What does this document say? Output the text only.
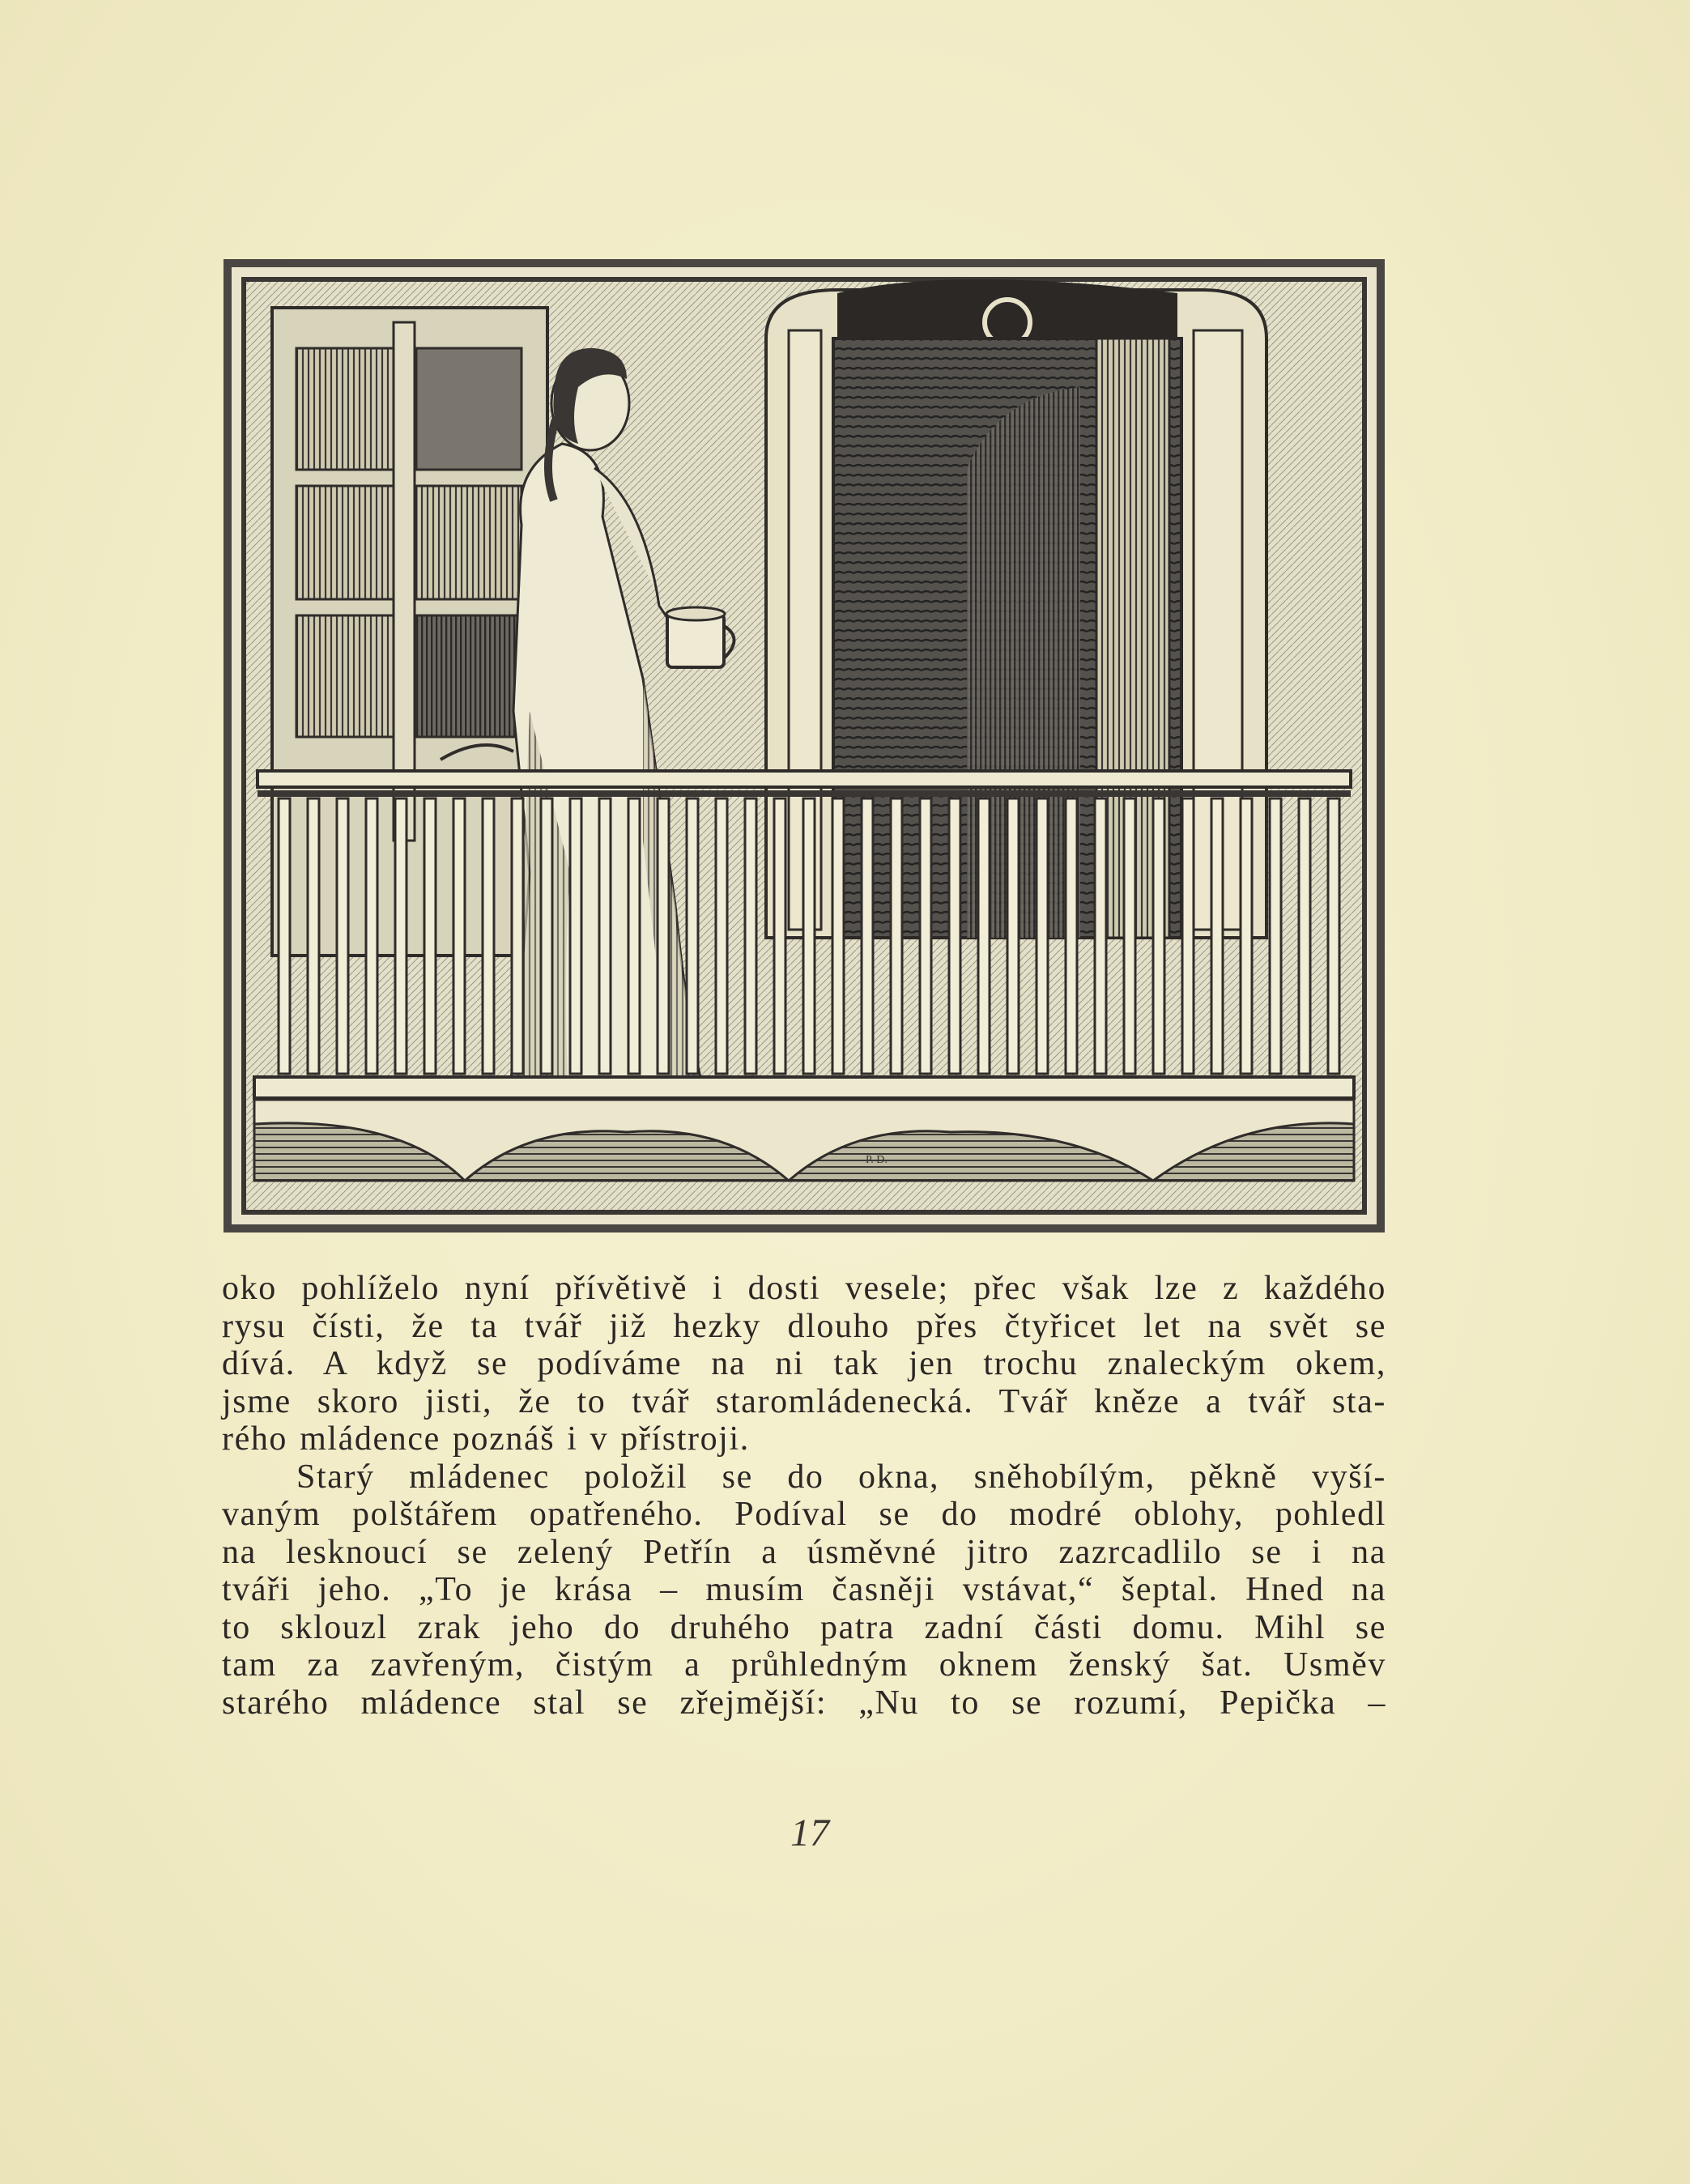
P. D.

oko pohlíželo nyní přívětivě i dosti vesele; přec však lze z každého
rysu čísti, že ta tvář již hezky dlouho přes čtyřicet let na svět se
dívá. A když se podíváme na ni tak jen trochu znaleckým okem,
jsme skoro jisti, že to tvář staromládenecká. Tvář kněze a tvář sta-
rého mládence poznáš i v přístroji.

Starý mládenec položil se do okna, sněhobílým, pěkně vyší-
vaným polštářem opatřeného. Podíval se do modré oblohy, pohledl
na lesknoucí se zelený Petřín a úsměvné jitro zazrcadlilo se i na
tváři jeho. „To je krása – musím časněji vstávat,“ šeptal. Hned na
to sklouzl zrak jeho do druhého patra zadní části domu. Mihl se
tam za zavřeným, čistým a průhledným oknem ženský šat. Usměv
starého mládence stal se zřejmější: „Nu to se rozumí, Pepička –

17
